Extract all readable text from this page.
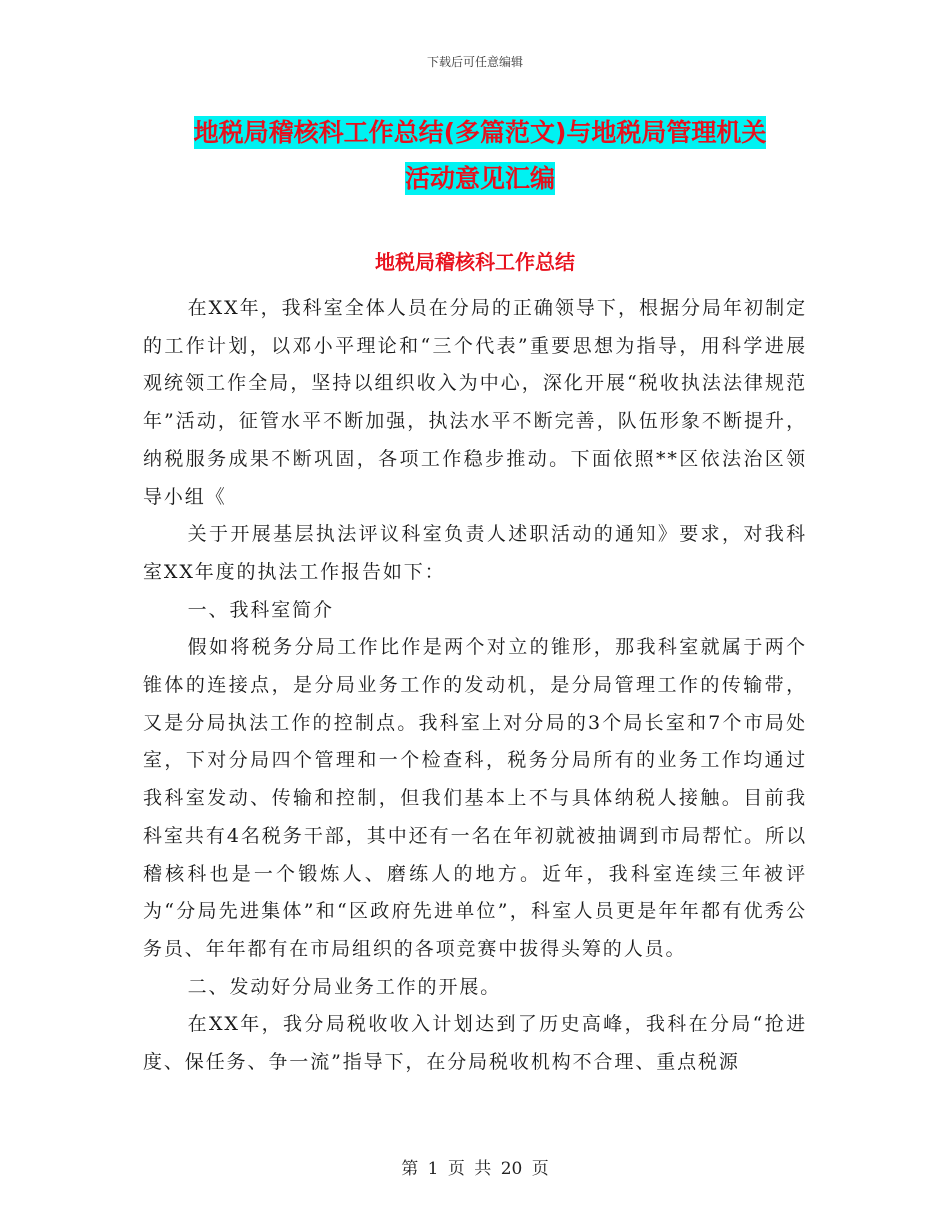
下载后可任意编辑
地税局稽核科工作总结(多篇范文)与地税局管理机关
活动意见汇编
地税局稽核科工作总结

在XX年，我科室全体人员在分局的正确领导下，根据分局年初制定的工作计划，以邓小平理论和“三个代表”重要思想为指导，用科学进展观统领工作全局，坚持以组织收入为中心，深化开展“税收执法法律规范年”活动，征管水平不断加强，执法水平不断完善，队伍形象不断提升，纳税服务成果不断巩固，各项工作稳步推动。下面依照**区依法治区领导小组《

关于开展基层执法评议科室负责人述职活动的通知》要求，对我科室XX年度的执法工作报告如下：

一、我科室简介

假如将税务分局工作比作是两个对立的锥形，那我科室就属于两个锥体的连接点，是分局业务工作的发动机，是分局管理工作的传输带，又是分局执法工作的控制点。我科室上对分局的3个局长室和7个市局处室，下对分局四个管理和一个检查科，税务分局所有的业务工作均通过我科室发动、传输和控制，但我们基本上不与具体纳税人接触。目前我科室共有4名税务干部，其中还有一名在年初就被抽调到市局帮忙。所以稽核科也是一个锻炼人、磨练人的地方。近年，我科室连续三年被评为“分局先进集体”和“区政府先进单位”，科室人员更是年年都有优秀公务员、年年都有在市局组织的各项竞赛中拔得头筹的人员。

二、发动好分局业务工作的开展。

在XX年，我分局税收收入计划达到了历史高峰，我科在分局“抢进度、保任务、争一流”指导下，在分局税收机构不合理、重点税源

第 1 页 共 20 页
